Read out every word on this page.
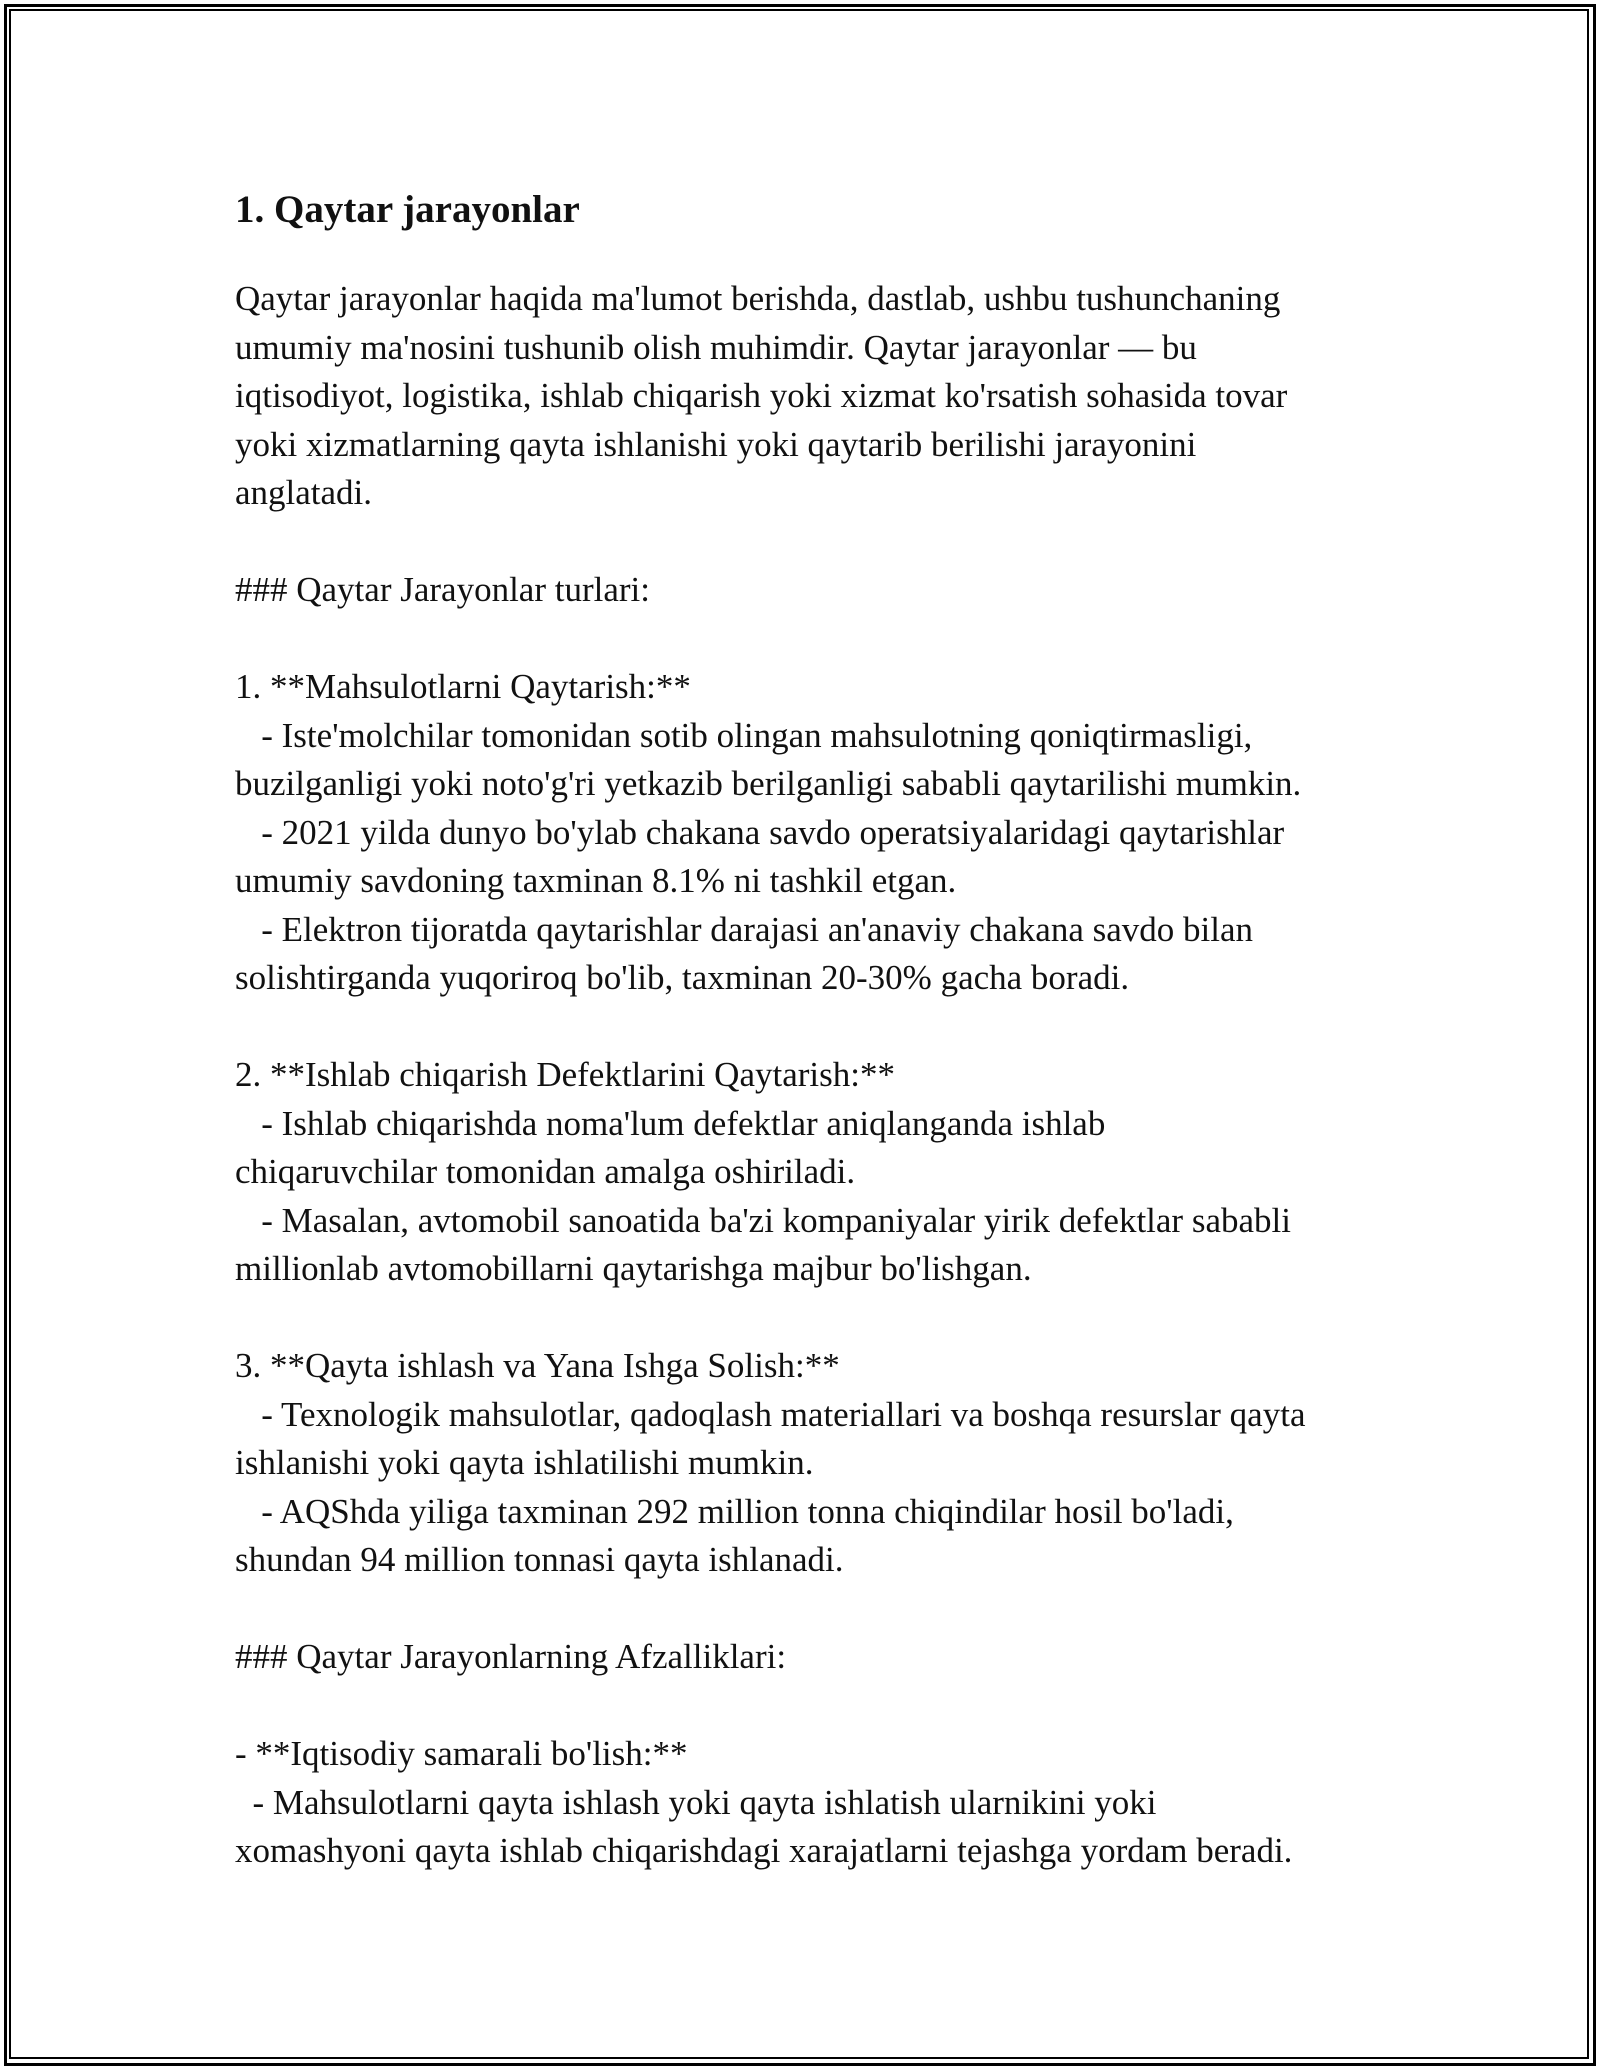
1. Qaytar jarayonlar

Qaytar jarayonlar haqida ma'lumot berishda, dastlab, ushbu tushunchaning

umumiy ma'nosini tushunib olish muhimdir. Qaytar jarayonlar — bu

iqtisodiyot, logistika, ishlab chiqarish yoki xizmat ko'rsatish sohasida tovar

yoki xizmatlarning qayta ishlanishi yoki qaytarib berilishi jarayonini

anglatadi.

### Qaytar Jarayonlar turlari:

1. **Mahsulotlarni Qaytarish:**

- Iste'molchilar tomonidan sotib olingan mahsulotning qoniqtirmasligi,

buzilganligi yoki noto'g'ri yetkazib berilganligi sababli qaytarilishi mumkin.

- 2021 yilda dunyo bo'ylab chakana savdo operatsiyalaridagi qaytarishlar

umumiy savdoning taxminan 8.1% ni tashkil etgan.

- Elektron tijoratda qaytarishlar darajasi an'anaviy chakana savdo bilan

solishtirganda yuqoriroq bo'lib, taxminan 20-30% gacha boradi.

2. **Ishlab chiqarish Defektlarini Qaytarish:**

- Ishlab chiqarishda noma'lum defektlar aniqlanganda ishlab

chiqaruvchilar tomonidan amalga oshiriladi.

- Masalan, avtomobil sanoatida ba'zi kompaniyalar yirik defektlar sababli

millionlab avtomobillarni qaytarishga majbur bo'lishgan.

3. **Qayta ishlash va Yana Ishga Solish:**

- Texnologik mahsulotlar, qadoqlash materiallari va boshqa resurslar qayta

ishlanishi yoki qayta ishlatilishi mumkin.

- AQShda yiliga taxminan 292 million tonna chiqindilar hosil bo'ladi,

shundan 94 million tonnasi qayta ishlanadi.

### Qaytar Jarayonlarning Afzalliklari:

- **Iqtisodiy samarali bo'lish:**

- Mahsulotlarni qayta ishlash yoki qayta ishlatish ularnikini yoki

xomashyoni qayta ishlab chiqarishdagi xarajatlarni tejashga yordam beradi.
